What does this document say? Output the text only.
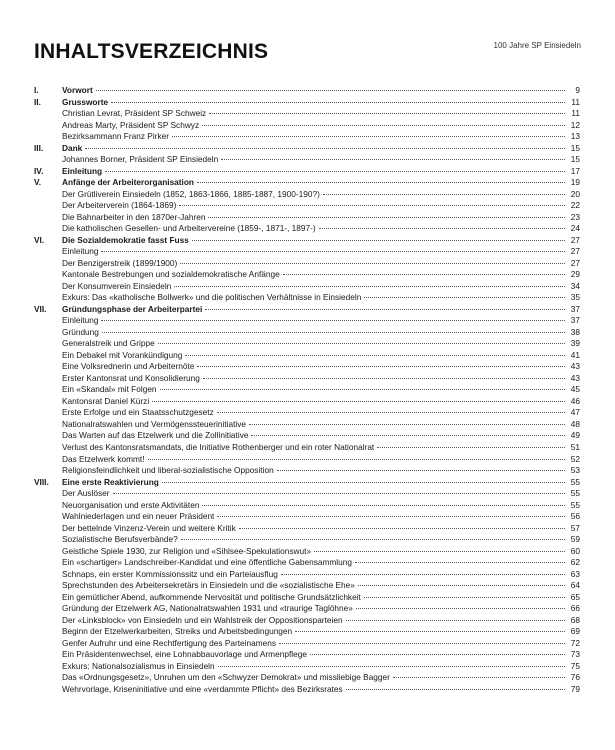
INHALTSVERZEICHNIS	100 Jahre SP Einsiedeln
I.	Vorwort	9
II.	Grussworte	11
Christian Levrat, Präsident SP Schweiz	11
Andreas Marty, Präsident SP Schwyz	12
Bezirksammann Franz Pirker	13
III.	Dank	15
Johannes Borner, Präsident SP Einsiedeln	15
IV.	Einleitung	17
V.	Anfänge der Arbeiterorganisation	19
Der Grütliverein Einsiedeln (1852, 1863-1866, 1885-1887, 1900-190?)	20
Der Arbeiterverein (1864-1869)	22
Die Bahnarbeiter in den 1870er-Jahren	23
Die katholischen Gesellen- und Arbeitervereine (1859-, 1871-, 1897-)	24
VI.	Die Sozialdemokratie fasst Fuss	27
Einleitung	27
Der Benzigerstreik (1899/1900)	27
Kantonale Bestrebungen und sozialdemokratische Anfänge	29
Der Konsumverein Einsiedeln	34
Exkurs: Das «katholische Bollwerk» und die politischen Verhältnisse in Einsiedeln	35
VII.	Gründungsphase der Arbeiterpartei	37
Einleitung	37
Gründung	38
Generalstreik und Grippe	39
Ein Debakel mit Vorankündigung	41
Eine Volksrednerin und Arbeiternöte	43
Erster Kantonsrat und Konsolidierung	43
Ein «Skandal» mit Folgen	45
Kantonsrat Daniel Kürzi	46
Erste Erfolge und ein Staatsschutzgesetz	47
Nationalratswahlen und Vermögenssteuerinitiative	48
Das Warten auf das Etzelwerk und die Zollinitiative	49
Verlust des Kantonsratsmandats, die Initiative Rothenberger und ein roter Nationalrat	51
Das Etzelwerk kommt!	52
Religionsfeindlichkeit und liberal-sozialistische Opposition	53
VIII.	Eine erste Reaktivierung	55
Der Auslöser	55
Neuorganisation und erste Aktivitäten	55
Wahlniederlagen und ein neuer Präsident	56
Der bettelnde Vinzenz-Verein und weitere Kritik	57
Sozialistische Berufsverbände?	59
Geistliche Spiele 1930, zur Religion und «Sihlsee-Spekulationswut»	60
Ein «schartiger» Landschreiber-Kandidat und eine öffentliche Gabensammlung	62
Schnaps, ein erster Kommissionssitz und ein Parteiausflug	63
Sprechstunden des Arbeitersekretärs in Einsiedeln und die «sozialistische Ehe»	64
Ein gemütlicher Abend, aufkommende Nervosität und politische Grundsätzlichkeit	65
Gründung der Etzelwerk AG, Nationalratswahlen 1931 und «traurige Taglöhne»	66
Der «Linksblock» von Einsiedeln und ein Wahlstreik der Oppositionsparteien	68
Beginn der Etzelwerkarbeiten, Streiks und Arbeitsbedingungen	69
Genfer Aufruhr und eine Rechtfertigung des Parteinamens	72
Ein Präsidentenwechsel, eine Lohnabbauvorlage und Armenpflege	73
Exkurs: Nationalsozialismus in Einsiedeln	75
Das «Ordnungsgesetz», Unruhen um den «Schwyzer Demokrat» und missliebige Bagger	76
Wehrvorlage, Kriseninitiative und eine «verdammte Pflicht» des Bezirksrates	79
